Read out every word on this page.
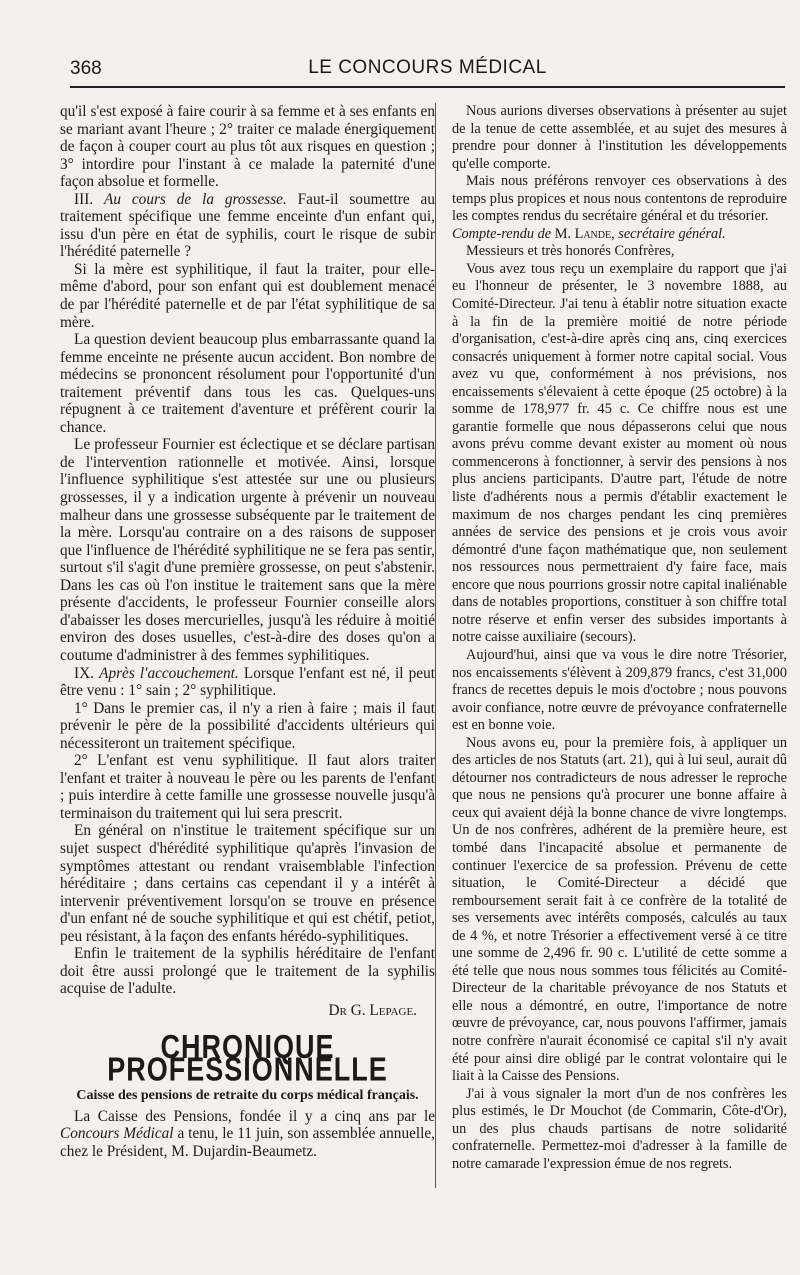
368	LE CONCOURS MÉDICAL

qu'il s'est exposé à faire courir à sa femme et à ses enfants en se mariant avant l'heure ; 2° traiter ce malade énergiquement de façon à couper court au plus tôt aux risques en question ; 3° intordire pour l'instant à ce malade la paternité d'une façon absolue et formelle.

III. Au cours de la grossesse. Faut-il soumettre au traitement spécifique une femme enceinte d'un enfant qui, issu d'un père en état de syphilis, court le risque de subir l'hérédité paternelle ?

Si la mère est syphilitique, il faut la traiter, pour elle-même d'abord, pour son enfant qui est doublement menacé de par l'hérédité paternelle et de par l'état syphilitique de sa mère.

La question devient beaucoup plus embarrassante quand la femme enceinte ne présente aucun accident. Bon nombre de médecins se prononcent résolument pour l'opportunité d'un traitement préventif dans tous les cas. Quelques-uns répugnent à ce traitement d'aventure et préfèrent courir la chance.

Le professeur Fournier est éclectique et se déclare partisan de l'intervention rationnelle et motivée. Ainsi, lorsque l'influence syphilitique s'est attestée sur une ou plusieurs grossesses, il y a indication urgente à prévenir un nouveau malheur dans une grossesse subséquente par le traitement de la mère. Lorsqu'au contraire on a des raisons de supposer que l'influence de l'hérédité syphilitique ne se fera pas sentir, surtout s'il s'agit d'une première grossesse, on peut s'abstenir. Dans les cas où l'on institue le traitement sans que la mère présente d'accidents, le professeur Fournier conseille alors d'abaisser les doses mercurielles, jusqu'à les réduire à moitié environ des doses usuelles, c'est-à-dire des doses qu'on a coutume d'administrer à des femmes syphilitiques.

IX. Après l'accouchement. Lorsque l'enfant est né, il peut être venu : 1° sain ; 2° syphilitique.

1° Dans le premier cas, il n'y a rien à faire ; mais il faut prévenir le père de la possibilité d'accidents ultérieurs qui nécessiteront un traitement spécifique.

2° L'enfant est venu syphilitique. Il faut alors traiter l'enfant et traiter à nouveau le père ou les parents de l'enfant ; puis interdire à cette famille une grossesse nouvelle jusqu'à terminaison du traitement qui lui sera prescrit.

En général on n'institue le traitement spécifique sur un sujet suspect d'hérédité syphilitique qu'après l'invasion de symptômes attestant ou rendant vraisemblable l'infection héréditaire ; dans certains cas cependant il y a intérêt à intervenir préventivement lorsqu'on se trouve en présence d'un enfant né de souche syphilitique et qui est chétif, petiot, peu résistant, à la façon des enfants hérédo-syphilitiques.

Enfin le traitement de la syphilis héréditaire de l'enfant doit être aussi prolongé que le traitement de la syphilis acquise de l'adulte.

Dr G. Lepage.

CHRONIQUE PROFESSIONNELLE
Caisse des pensions de retraite du corps médical français.

La Caisse des Pensions, fondée il y a cinq ans par le Concours Médical a tenu, le 11 juin, son assemblée annuelle, chez le Président, M. Dujardin-Beaumetz.

Nous aurions diverses observations à présenter au sujet de la tenue de cette assemblée, et au sujet des mesures à prendre pour donner à l'institution les développements qu'elle comporte.

Mais nous préférons renvoyer ces observations à des temps plus propices et nous nous contentons de reproduire les comptes rendus du secrétaire général et du trésorier.

Compte-rendu de M. Lande, secrétaire général.

Messieurs et très honorés Confrères,

Vous avez tous reçu un exemplaire du rapport que j'ai eu l'honneur de présenter, le 3 novembre 1888, au Comité-Directeur. J'ai tenu à établir notre situation exacte à la fin de la première moitié de notre période d'organisation, c'est-à-dire après cinq ans, cinq exercices consacrés uniquement à former notre capital social. Vous avez vu que, conformément à nos prévisions, nos encaissements s'élevaient à cette époque (25 octobre) à la somme de 178,977 fr. 45 c. Ce chiffre nous est une garantie formelle que nous dépasserons celui que nous avons prévu comme devant exister au moment où nous commencerons à fonctionner, à servir des pensions à nos plus anciens participants. D'autre part, l'étude de notre liste d'adhérents nous a permis d'établir exactement le maximum de nos charges pendant les cinq premières années de service des pensions et je crois vous avoir démontré d'une façon mathématique que, non seulement nos ressources nous permettraient d'y faire face, mais encore que nous pourrions grossir notre capital inaliénable dans de notables proportions, constituer à son chiffre total notre réserve et enfin verser des subsides importants à notre caisse auxiliaire (secours).

Aujourd'hui, ainsi que va vous le dire notre Trésorier, nos encaissements s'élèvent à 209,879 francs, c'est 31,000 francs de recettes depuis le mois d'octobre ; nous pouvons avoir confiance, notre œuvre de prévoyance confraternelle est en bonne voie.

Nous avons eu, pour la première fois, à appliquer un des articles de nos Statuts (art. 21), qui à lui seul, aurait dû détourner nos contradicteurs de nous adresser le reproche que nous ne pensions qu'à procurer une bonne affaire à ceux qui avaient déjà la bonne chance de vivre longtemps. Un de nos confrères, adhérent de la première heure, est tombé dans l'incapacité absolue et permanente de continuer l'exercice de sa profession. Prévenu de cette situation, le Comité-Directeur a décidé que remboursement serait fait à ce confrère de la totalité de ses versements avec intérêts composés, calculés au taux de 4 %, et notre Trésorier a effectivement versé à ce titre une somme de 2,496 fr. 90 c. L'utilité de cette somme a été telle que nous nous sommes tous félicités au Comité-Directeur de la charitable prévoyance de nos Statuts et elle nous a démontré, en outre, l'importance de notre œuvre de prévoyance, car, nous pouvons l'affirmer, jamais notre confrère n'aurait économisé ce capital s'il n'y avait été pour ainsi dire obligé par le contrat volontaire qui le liait à la Caisse des Pensions.

J'ai à vous signaler la mort d'un de nos confrères les plus estimés, le Dr Mouchot (de Commarin, Côte-d'Or), un des plus chauds partisans de notre solidarité confraternelle. Permettez-moi d'adresser à la famille de notre camarade l'expression émue de nos regrets.
